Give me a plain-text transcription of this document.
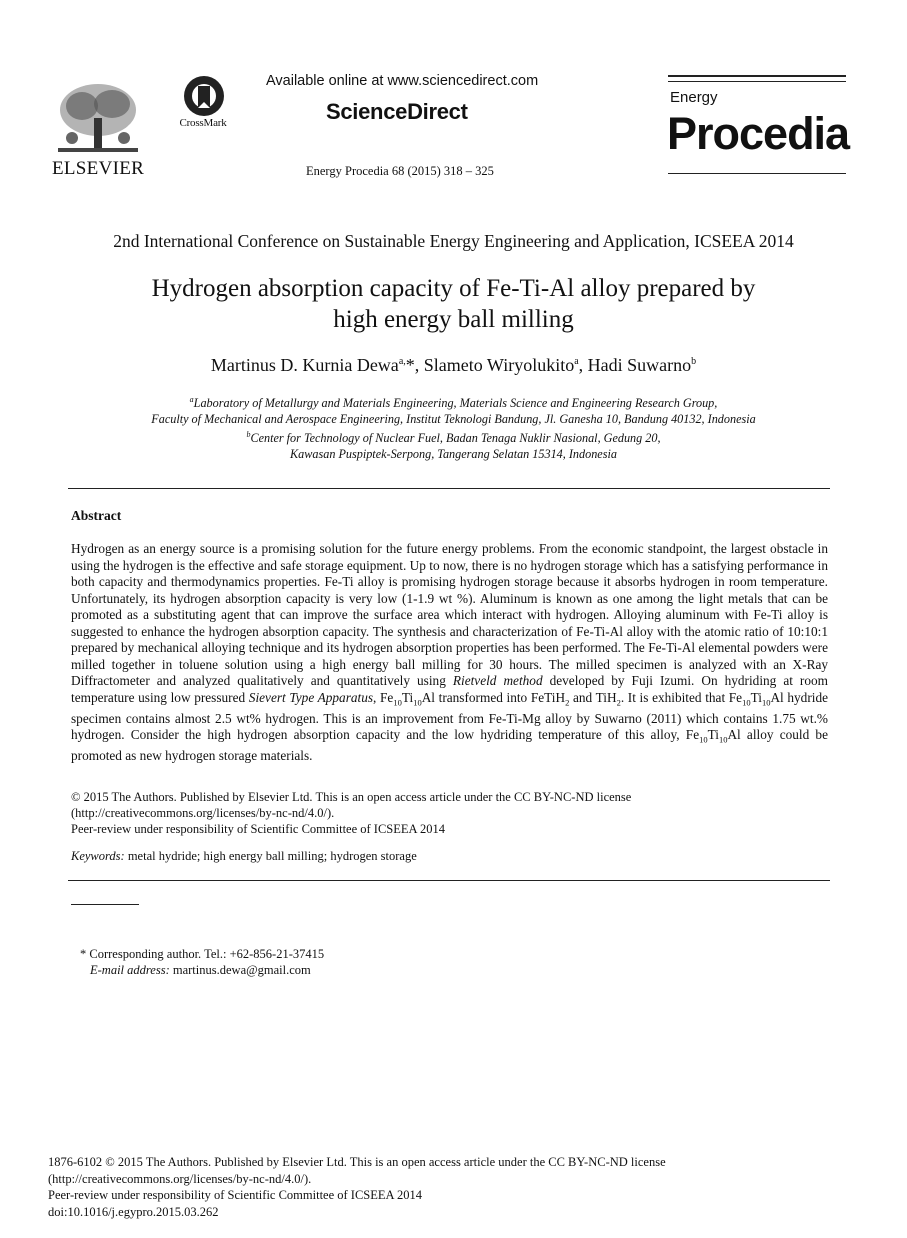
ELSEVIER
CrossMark
Available online at www.sciencedirect.com
ScienceDirect
Energy Procedia 68 (2015) 318 – 325
Energy
Procedia
2nd International Conference on Sustainable Energy Engineering and Application, ICSEEA 2014
Hydrogen absorption capacity of Fe-Ti-Al alloy prepared by
high energy ball milling
Martinus D. Kurnia Dewa$^{a,}$*, Slameto Wiryolukito$^a$, Hadi Suwarno$^b$
$^a$Laboratory of Metallurgy and Materials Engineering, Materials Science and Engineering Research Group,
Faculty of Mechanical and Aerospace Engineering, Institut Teknologi Bandung, Jl. Ganesha 10, Bandung 40132, Indonesia
$^b$Center for Technology of Nuclear Fuel, Badan Tenaga Nuklir Nasional, Gedung 20,
Kawasan Puspiptek-Serpong, Tangerang Selatan 15314, Indonesia
Abstract
Hydrogen as an energy source is a promising solution for the future energy problems. From the economic standpoint, the largest obstacle in using the hydrogen is the effective and safe storage equipment. Up to now, there is no hydrogen storage which has a satisfying performance in both capacity and thermodynamics properties. Fe-Ti alloy is promising hydrogen storage because it absorbs hydrogen in room temperature. Unfortunately, its hydrogen absorption capacity is very low (1-1.9 wt %). Aluminum is known as one among the light metals that can be promoted as a substituting agent that can improve the surface area which interact with hydrogen. Alloying aluminum with Fe-Ti alloy is suggested to enhance the hydrogen absorption capacity. The synthesis and characterization of Fe-Ti-Al alloy with the atomic ratio of 10:10:1 prepared by mechanical alloying technique and its hydrogen absorption properties has been performed. The Fe-Ti-Al elemental powders were milled together in toluene solution using a high energy ball milling for 30 hours. The milled specimen is analyzed with an X-Ray Diffractometer and analyzed qualitatively and quantitatively using Rietveld method developed by Fuji Izumi. On hydriding at room temperature using low pressured Sievert Type Apparatus, $Fe_{10}Ti_{10}Al$ transformed into FeTiH$_2$ and TiH$_2$. It is exhibited that $Fe_{10}Ti_{10}Al$ hydride specimen contains almost 2.5 wt% hydrogen. This is an improvement from Fe-Ti-Mg alloy by Suwarno (2011) which contains 1.75 wt.% hydrogen. Consider the high hydrogen absorption capacity and the low hydriding temperature of this alloy, $Fe_{10}Ti_{10}Al$ alloy could be promoted as new hydrogen storage materials.
© 2015 The Authors. Published by Elsevier Ltd. This is an open access article under the CC BY-NC-ND license
(http://creativecommons.org/licenses/by-nc-nd/4.0/).
Peer-review under responsibility of Scientific Committee of ICSEEA 2014
Keywords: metal hydride; high energy ball milling; hydrogen storage
* Corresponding author. Tel.: +62-856-21-37415
E-mail address: martinus.dewa@gmail.com
1876-6102 © 2015 The Authors. Published by Elsevier Ltd. This is an open access article under the CC BY-NC-ND license
(http://creativecommons.org/licenses/by-nc-nd/4.0/).
Peer-review under responsibility of Scientific Committee of ICSEEA 2014
doi:10.1016/j.egypro.2015.03.262
